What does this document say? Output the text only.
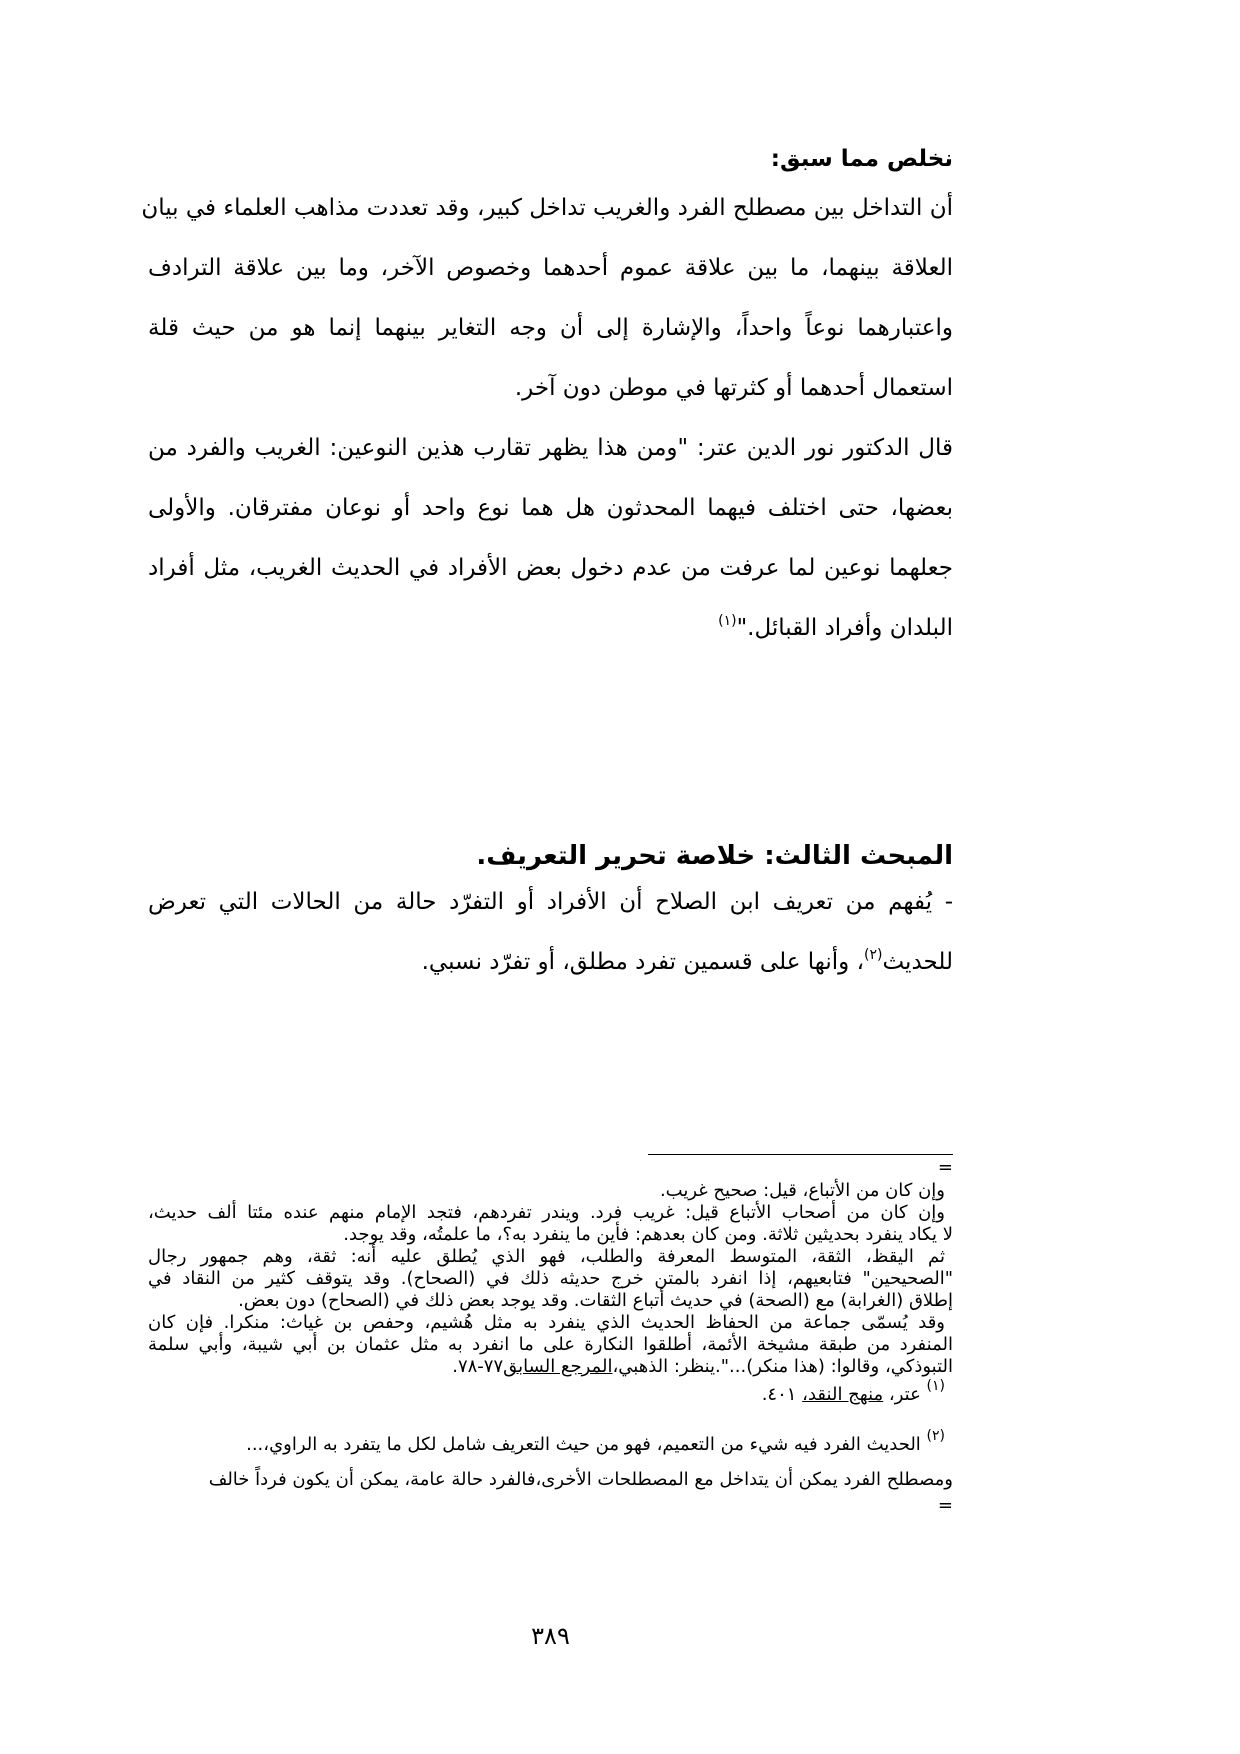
نخلص مما سبق:

أن التداخل بين مصطلح الفرد والغريب تداخل كبير، وقد تعددت مذاهب العلماء في بيان

العلاقة بينهما، ما بين علاقة عموم أحدهما وخصوص الآخر، وما بين علاقة الترادف

واعتبارهما نوعاً واحداً، والإشارة إلى أن وجه التغاير بينهما إنما هو من حيث قلة

استعمال أحدهما أو كثرتها في موطن دون آخر.

قال الدكتور نور الدين عتر: "ومن هذا يظهر تقارب هذين النوعين: الغريب والفرد من

بعضها، حتى اختلف فيهما المحدثون هل هما نوع واحد أو نوعان مفترقان. والأولى

جعلهما نوعين لما عرفت من عدم دخول بعض الأفراد في الحديث الغريب، مثل أفراد

البلدان وأفراد القبائل."$^{(١)}$

المبحث الثالث: خلاصة تحرير التعريف.

- يُفهم من تعريف ابن الصلاح أن الأفراد أو التفرّد حالة من الحالات التي تعرض

للحديث$^{(٢)}$، وأنها على قسمين تفرد مطلق، أو تفرّد نسبي.

=

وإن كان من الأتباع، قيل: صحيح غريب.

وإن كان من أصحاب الأتباع قيل: غريب فرد. ويندر تفردهم، فتجد الإمام منهم عنده مئتا ألف حديث،

لا يكاد ينفرد بحديثين ثلاثة. ومن كان بعدهم: فأين ما ينفرد به؟، ما علمتُه، وقد يوجد.

ثم اليقظ، الثقة، المتوسط المعرفة والطلب، فهو الذي يُطلق عليه أنه: ثقة، وهم جمهور رجال

"الصحيحين" فتابعيهم، إذا انفرد بالمتن خرج حديثه ذلك في (الصحاح). وقد يتوقف كثير من النقاد في

إطلاق (الغرابة) مع (الصحة) في حديث أتباع الثقات. وقد يوجد بعض ذلك في (الصحاح) دون بعض.

وقد يُسمّى جماعة من الحفاظ الحديث الذي ينفرد به مثل هُشيم، وحفص بن غياث: منكرا. فإن كان

المنفرد من طبقة مشيخة الأئمة، أطلقوا النكارة على ما انفرد به مثل عثمان بن أبي شيبة، وأبي سلمة

التبوذكي، وقالوا: (هذا منكر)...".ينظر: الذهبي،المرجع السابق٧٧-٧٨.

$^{(١)}$ عتر، منهج النقد، ٤٠١.

$^{(٢)}$ الحديث الفرد فيه شيء من التعميم، فهو من حيث التعريف شامل لكل ما يتفرد به الراوي،...

ومصطلح الفرد يمكن أن يتداخل مع المصطلحات الأخرى،فالفرد حالة عامة، يمكن أن يكون فرداً خالف

=
٣٨٩
